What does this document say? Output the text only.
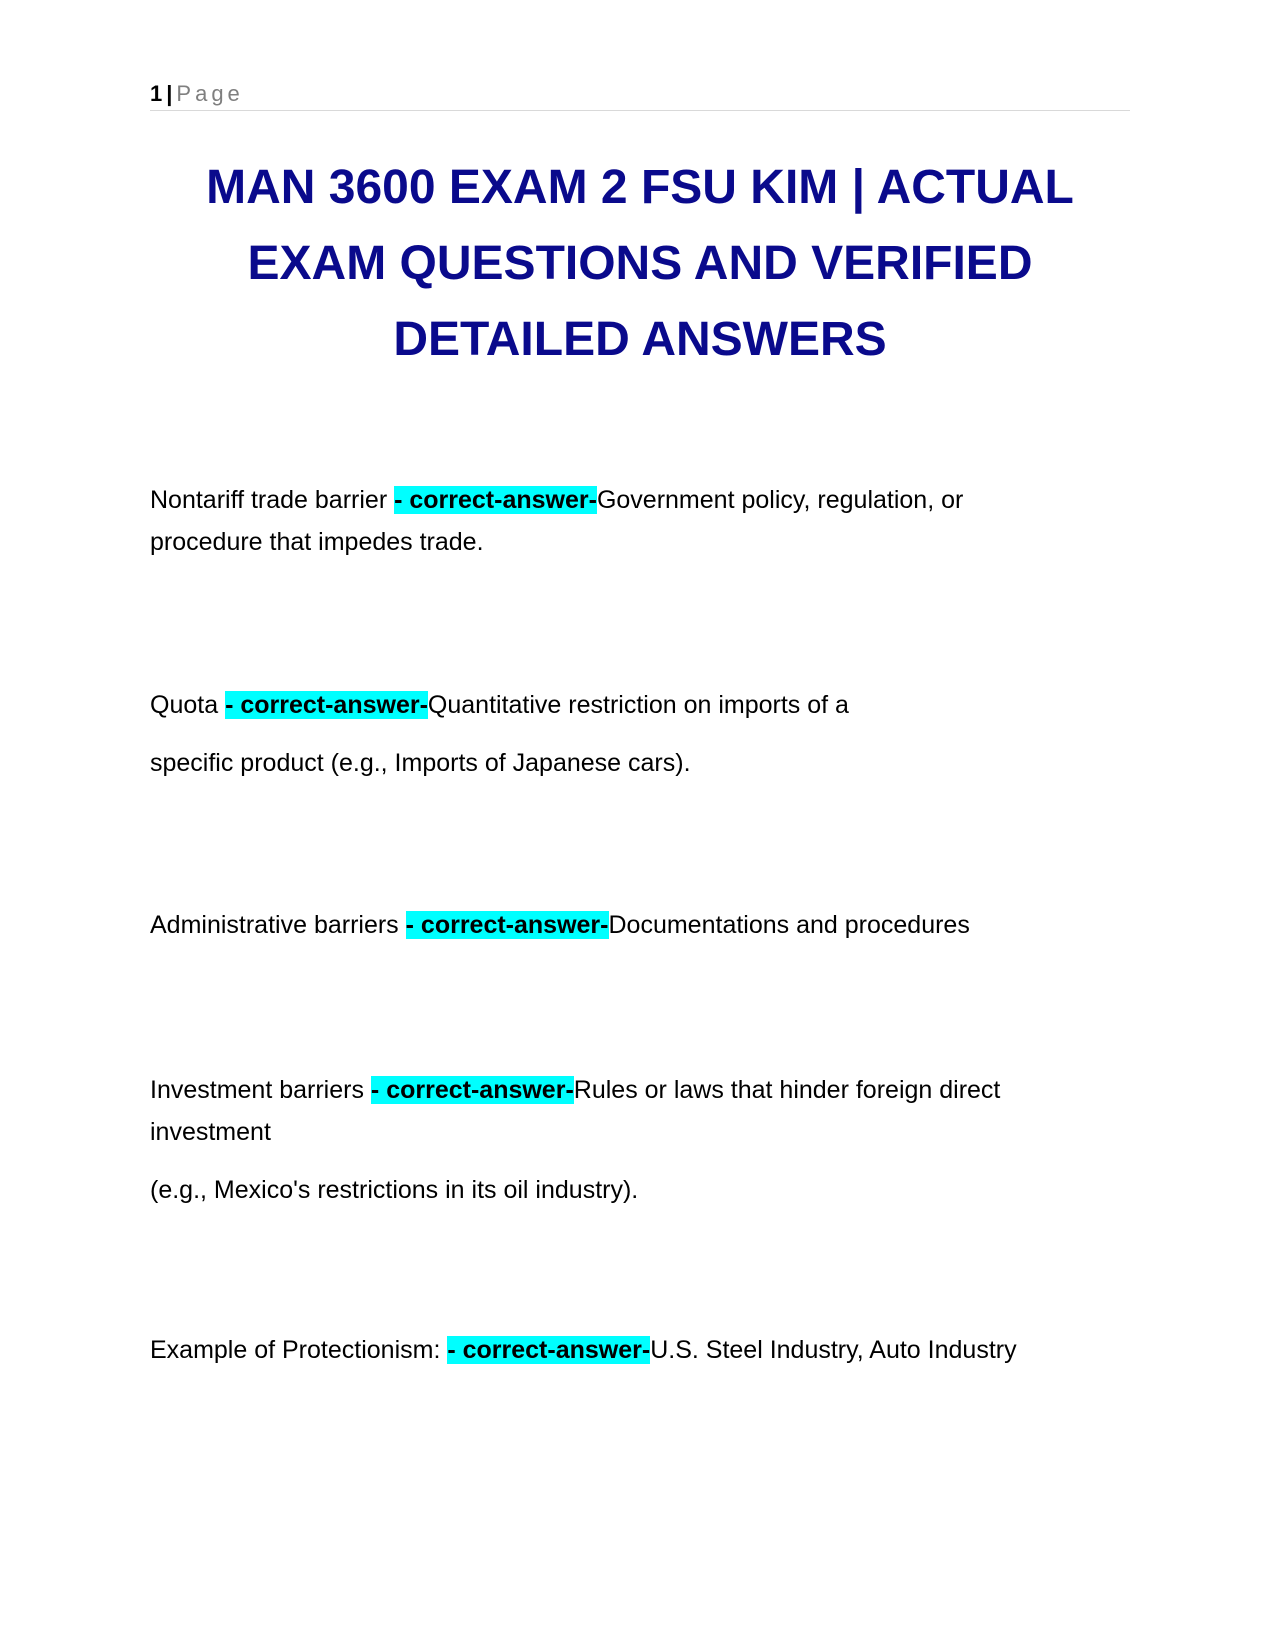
1 | Page
MAN 3600 EXAM 2 FSU KIM | ACTUAL
EXAM QUESTIONS AND VERIFIED
DETAILED ANSWERS
Nontariff trade barrier - correct-answer-Government policy, regulation, or
procedure that impedes trade.
Quota - correct-answer-Quantitative restriction on imports of a
specific product (e.g., Imports of Japanese cars).
Administrative barriers - correct-answer-Documentations and procedures
Investment barriers - correct-answer-Rules or laws that hinder foreign direct
investment
(e.g., Mexico's restrictions in its oil industry).
Example of Protectionism: - correct-answer-U.S. Steel Industry, Auto Industry
